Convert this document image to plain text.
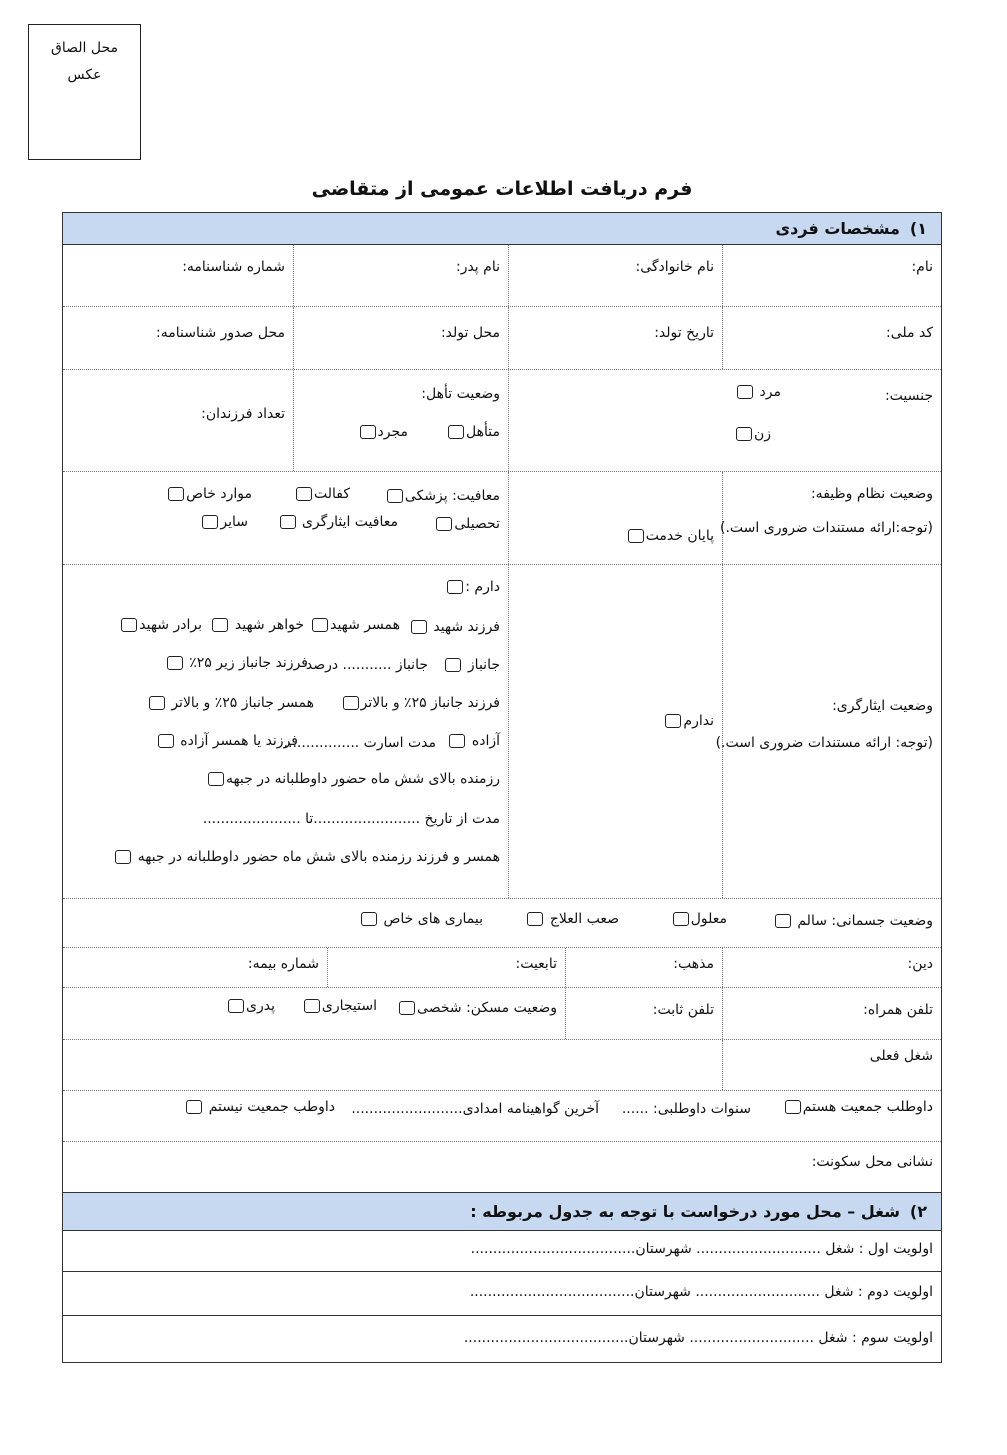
محل الصاق
عکس
فرم دریافت اطلاعات عمومی از متقاضی
۱)
مشخصات فردی
نام:
نام خانوادگی:
نام پدر:
شماره شناسنامه:
کد ملی:
تاریخ تولد:
محل تولد:
محل صدور شناسنامه:
جنسیت:
مرد
زن
وضعیت تأهل:
متأهل
مجرد
تعداد فرزندان:
وضعیت نظام وظیفه:
(توجه:ارائه مستندات ضروری است.)
پایان خدمت
معافیت: پزشکی
کفالت
موارد خاص
تحصیلی
معافیت ایثارگری
سایر
وضعیت ایثارگری:
(توجه: ارائه مستندات ضروری است.)
ندارم
دارم :
فرزند شهید
همسر شهید
خواهر شهید
برادر شهید
جانباز
جانباز ........... درصد
فرزند جانباز زیر ۲۵٪
فرزند جانباز ۲۵٪ و بالاتر
همسر جانباز ۲۵٪ و بالاتر
آزاده
مدت اسارت .................
فرزند یا همسر آزاده
رزمنده بالای شش ماه حضور داوطلبانه در جبهه
مدت از تاریخ ........................تا ......................
همسر و فرزند رزمنده بالای شش ماه حضور داوطلبانه در جبهه
وضعیت جسمانی: سالم
معلول
صعب العلاج
بیماری های خاص
دین:
مذهب:
تابعیت:
شماره بیمه:
تلفن همراه:
تلفن ثابت:
وضعیت مسکن: شخصی
استیجاری
پدری
شغل فعلی
داوطلب جمعیت هستم
سنوات داوطلبی: ......
آخرین گواهینامه امدادی.........................
داوطب جمعیت نیستم
نشانی محل سکونت:
۲)
شغل – محل مورد درخواست با توجه به جدول مربوطه :
اولویت اول : شغل ............................ شهرستان.....................................
اولویت دوم : شغل ............................ شهرستان.....................................
اولویت سوم : شغل ............................ شهرستان.....................................
